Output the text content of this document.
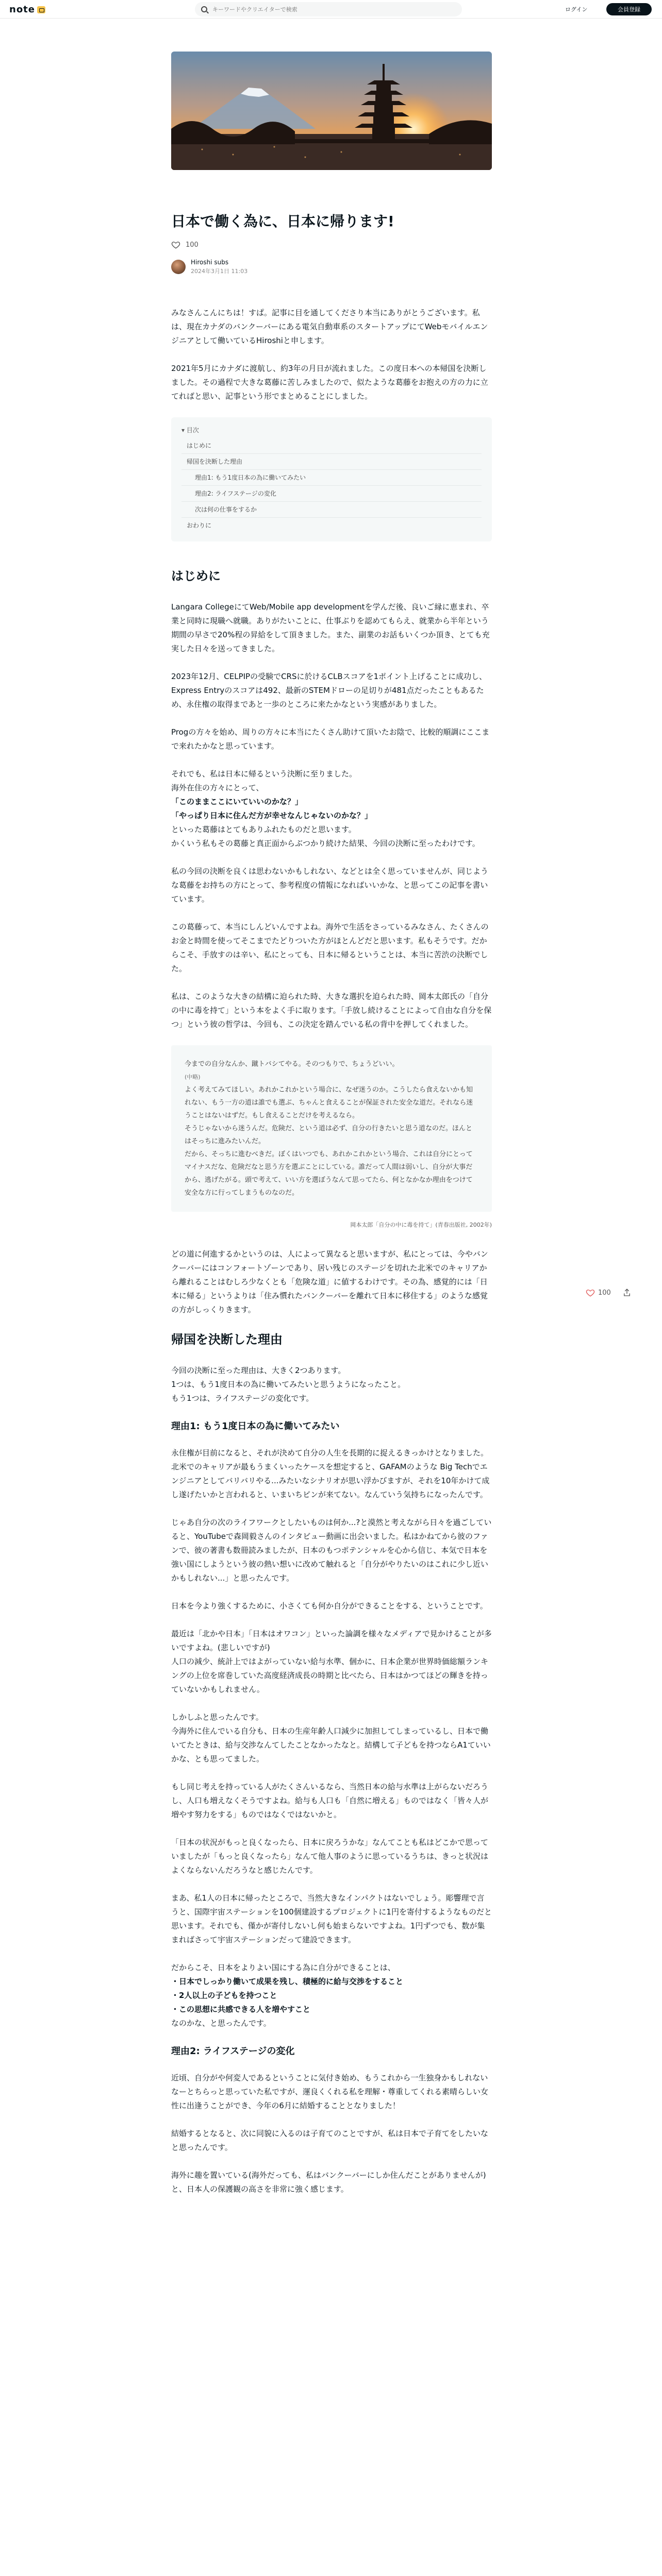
note
キーワードやクリエイターで検索	ログイン	会員登録
日本で働く為に、日本に帰ります!
100
Hiroshi subs
2024年3月1日 11:03

みなさんこんにちは！すぱ。記事に目を通してくださり本当にありがとうございます。私は、現在カナダのバンクーバーにある電気自動車系のスタートアップにてWebモバイルエンジニアとして働いているHiroshiと申します。

2021年5月にカナダに渡航し、約3年の月日が流れました。この度日本への本帰国を決断しました。その過程で大きな葛藤に苦しみましたので、似たような葛藤をお抱えの方の力に立てればと思い、記事という形でまとめることにしました。

▾ 目次
はじめに
帰国を決断した理由
理由1: もう1度日本の為に働いてみたい
理由2: ライフステージの変化
次は何の仕事をするか
おわりに
はじめに

Langara CollegeにてWeb/Mobile app developmentを学んだ後、良いご縁に恵まれ、卒業と同時に現職へ就職。ありがたいことに、仕事ぶりを認めてもらえ、就業から半年という期間の早さで20%程の昇給をして頂きました。また、副業のお話もいくつか頂き、とても充実した日々を送ってきました。

2023年12月、CELPIPの受験でCRSに於けるCLBスコアを1ポイント上げることに成功し、Express Entryのスコアは492、最新のSTEMドローの足切りが481点だったこともあるため、永住権の取得まであと一歩のところに来たかなという実感がありました。

Progの方々を始め、周りの方々に本当にたくさん助けて頂いたお陰で、比較的順調にここまで来れたかなと思っています。

それでも、私は日本に帰るという決断に至りました。
海外在住の方々にとって、
「このままここにいていいのかな？」
「やっぱり日本に住んだ方が幸せなんじゃないのかな？」
といった葛藤はとてもありふれたものだと思います。
かくいう私もその葛藤と真正面からぶつかり続けた結果、今回の決断に至ったわけです。

私の今回の決断を良くは思わないかもしれない、などとは全く思っていませんが、同じような葛藤をお持ちの方にとって、参考程度の情報になればいいかな、と思ってこの記事を書いています。

この葛藤って、本当にしんどいんですよね。海外で生活をさっているみなさん、たくさんのお金と時間を使ってそこまでたどりついた方がほとんどだと思います。私もそうです。だからこそ、手放すのは辛い、私にとっても、日本に帰るということは、本当に苦渋の決断でした。

私は、このような大きの結構に迫られた時、大きな選択を迫られた時、岡本太郎氏の「自分の中に毒を持て」という本をよく手に取ります。「手放し続けることによって自由な自分を保つ」という彼の哲学は、今回も、この決定を踏んでいる私の背中を押してくれました。

今までの自分なんか、蹴トバシてやる。そのつもりで、ちょうどいい。

(中略)

よく考えてみてほしい。あれかこれかという場合に、なぜ迷うのか。こうしたら食えないかも知れない、もう一方の道は誰でも選ぶ、ちゃんと食えることが保証された安全な道だ。それなら迷うことはないはずだ。もし食えることだけを考えるなら。

そうじゃないから迷うんだ。危険だ、という道は必ず、自分の行きたいと思う道なのだ。ほんとはそっちに進みたいんだ。

だから、そっちに進むべきだ。ぼくはいつでも、あれかこれかという場合、これは自分にとってマイナスだな、危険だなと思う方を選ぶことにしている。誰だって人間は弱いし、自分が大事だから、逃げたがる。頭で考えて、いい方を選ぼうなんて思ってたら、何となかなか理由をつけて安全な方に行ってしまうものなのだ。

岡本太郎「自分の中に毒を持て」(青春出版社, 2002年)

どの道に何進するかというのは、人によって異なると思いますが、私にとっては、今やバンクーバーにはコンフォートゾーンであり、居い残じのステージを切れた北米でのキャリアから離れることはむしろ少なくとも「危険な道」に値するわけです。その為、感覚的には「日本に帰る」というよりは「住み慣れたバンクーバーを離れて日本に移住する」のような感覚の方がしっくりきます。

帰国を決断した理由

今回の決断に至った理由は、大きく2つあります。
1つは、もう1度日本の為に働いてみたいと思うようになったこと。
もう1つは、ライフステージの変化です。

理由1: もう1度日本の為に働いてみたい

永住権が目前になると、それが決めて自分の人生を長期的に捉えるきっかけとなりました。北米でのキャリアが最もうまくいったケースを想定すると、GAFAMのような Big Techでエンジニアとしてバリバリやる...みたいなシナリオが思い浮かびますが、それを10年かけて成し遂げたいかと言われると、いまいちピンが来てない。なんていう気持ちになったんです。

じゃあ自分の次のライフワークとしたいものは何か...?と漠然と考えながら日々を過ごしていると、YouTubeで森岡毅さんのインタビュー動画に出会いました。私はかねてから彼のファンで、彼の著書も数冊読みましたが、日本のもつポテンシャルを心から信じ、本気で日本を強い国にしようという彼の熱い想いに改めて触れると「自分がやりたいのはこれに少し近いかもしれない...」と思ったんです。

日本を今より強くするために、小さくても何か自分ができることをする、ということです。

最近は「北かや日本」「日本はオワコン」といった論調を様々なメディアで見かけることが多いですよね。(悲しいですが)
人口の減少、統計上ではよがっていない給与水準、個かに、日本企業が世界時価総額ランキングの上位を席巻していた高度経済成長の時期と比べたら、日本はかつてほどの輝きを持っていないかもしれません。

しかしふと思ったんです。
今海外に住んでいる自分も、日本の生産年齢人口減少に加担してしまっているし、日本で働いてたときは、給与交渉なんてしたことなかったなと。結構して子どもを持つならA1ていいかな、とも思ってました。

もし同じ考えを持っている人がたくさんいるなら、当然日本の給与水準は上がらないだろうし、人口も増えなくそうですよね。給与も人口も「自然に増える」ものではなく「皆々人が増やす努力をする」ものではなくではないかと。

「日本の状況がもっと良くなったら、日本に戻ろうかな」なんてことも私はどこかで思っていましたが「もっと良くなったら」なんて他人事のように思っているうちは、きっと状況はよくならないんだろうなと感じたんです。

まあ、私1人の日本に帰ったところで、当然大きなインパクトはないでしょう。彫響理で言うと、国際宇宙ステーションを100個建設するプロジェクトに1円を寄付するようなものだと思います。それでも、僅かが寄付しないし何も始まらないですよね。1円ずつでも、数が集まればさって宇宙ステーションだって建設できます。

だからこそ、日本をよりよい国にする為に自分ができることは、
・日本でしっかり働いて成果を残し、積極的に給与交渉をすること
・2人以上の子どもを持つこと
・この思想に共感できる人を増やすこと
なのかな、と思ったんです。

理由2: ライフステージの変化

近頃、自分がや何変人であるということに気付き始め、もうこれから一生独身かもしれないなーとちらっと思っていた私ですが、運良くくれる私を理解・尊重してくれる素晴らしい女性に出逢うことができ、今年の6月に結婚することとなりました！

結婚するとなると、次に同貌に入るのは子育てのことですが、私は日本で子育てをしたいなと思ったんです。

海外に趣を置いている(海外だっても、私はバンクーバーにしか住んだことがありませんが)と、日本人の保護観の高さを非常に強く感じます。

100
